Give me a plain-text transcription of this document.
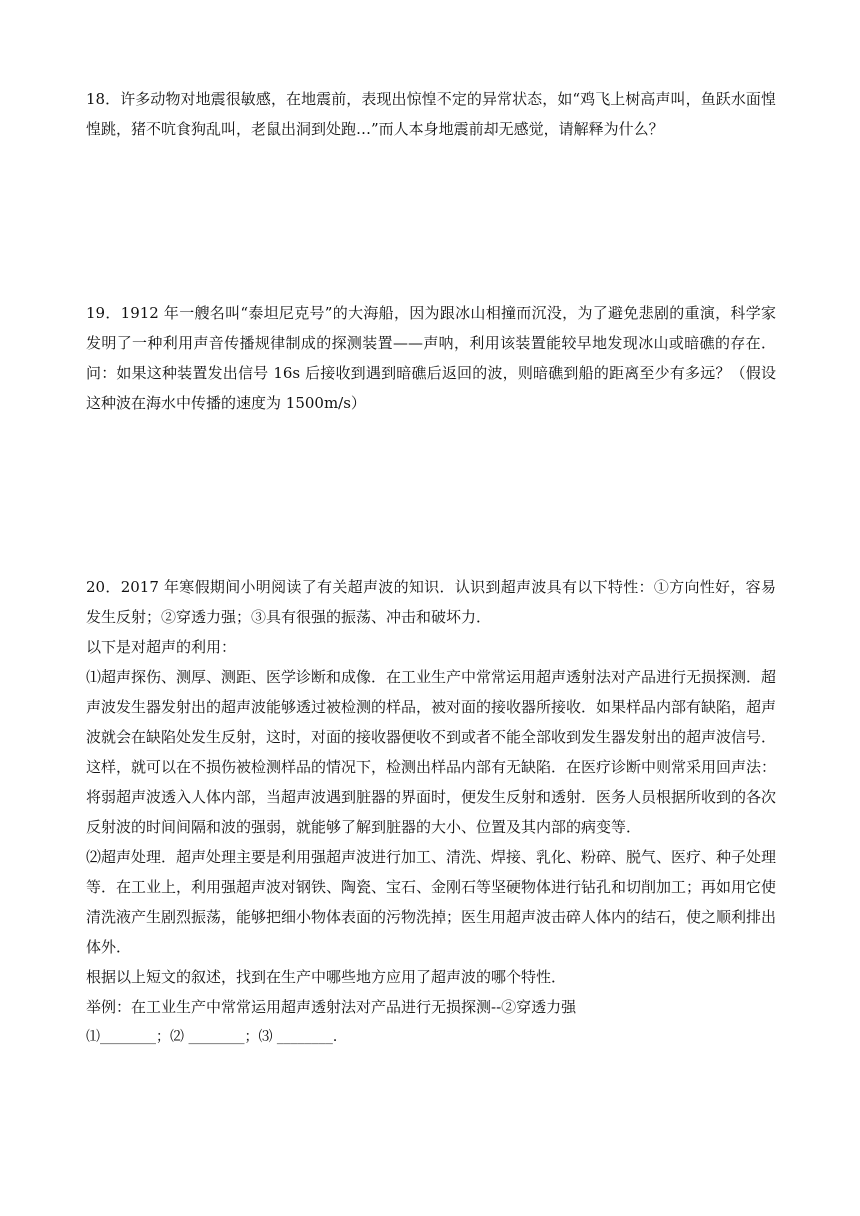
18．许多动物对地震很敏感，在地震前，表现出惊惶不定的异常状态，如“鸡飞上树高声叫，鱼跃水面惶惶跳，猪不吭食狗乱叫，老鼠出洞到处跑…”而人本身地震前却无感觉，请解释为什么？

19．1912 年一艘名叫“泰坦尼克号”的大海船，因为跟冰山相撞而沉没，为了避免悲剧的重演，科学家发明了一种利用声音传播规律制成的探测装置——声呐，利用该装置能较早地发现冰山或暗礁的存在．问：如果这种装置发出信号 16s 后接收到遇到暗礁后返回的波，则暗礁到船的距离至少有多远？（假设这种波在海水中传播的速度为 1500m/s）

20．2017 年寒假期间小明阅读了有关超声波的知识．认识到超声波具有以下特性：①方向性好，容易发生反射；②穿透力强；③具有很强的振荡、冲击和破坏力．
以下是对超声的利用：
⑴超声探伤、测厚、测距、医学诊断和成像．在工业生产中常常运用超声透射法对产品进行无损探测．超声波发生器发射出的超声波能够透过被检测的样品，被对面的接收器所接收．如果样品内部有缺陷，超声波就会在缺陷处发生反射，这时，对面的接收器便收不到或者不能全部收到发生器发射出的超声波信号．这样，就可以在不损伤被检测样品的情况下，检测出样品内部有无缺陷．在医疗诊断中则常采用回声法：将弱超声波透入人体内部，当超声波遇到脏器的界面时，便发生反射和透射．医务人员根据所收到的各次反射波的时间间隔和波的强弱，就能够了解到脏器的大小、位置及其内部的病变等．
⑵超声处理．超声处理主要是利用强超声波进行加工、清洗、焊接、乳化、粉碎、脱气、医疗、种子处理等．在工业上，利用强超声波对钢铁、陶瓷、宝石、金刚石等坚硬物体进行钻孔和切削加工；再如用它使清洗液产生剧烈振荡，能够把细小物体表面的污物洗掉；医生用超声波击碎人体内的结石，使之顺利排出体外．
根据以上短文的叙述，找到在生产中哪些地方应用了超声波的哪个特性．
举例：在工业生产中常常运用超声透射法对产品进行无损探测--②穿透力强
⑴________；⑵ ________；⑶ ________．
